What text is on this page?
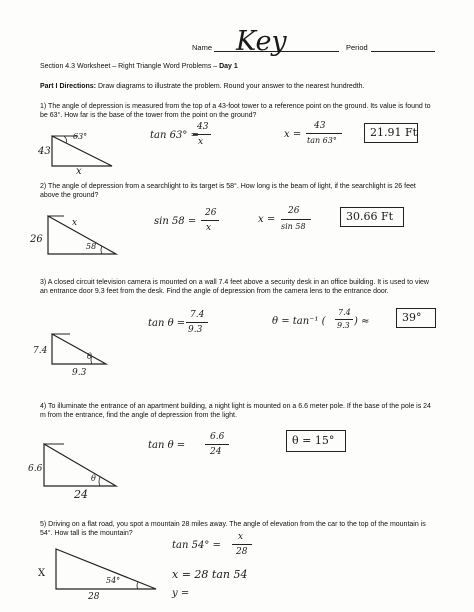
Name Key	Period
Section 4.3 Worksheet – Right Triangle Word Problems – Day 1
Part I Directions: Draw diagrams to illustrate the problem. Round your answer to the nearest hundredth.
1) The angle of depression is measured from the top of a 43-foot tower to a reference point on the ground. Its value is found to be 63°. How far is the base of the tower from the point on the ground?
43
63°
x
tan 63° =
43
x
x =
43
tan 63°
21.91 Ft
2) The angle of depression from a searchlight to its target is 58°. How long is the beam of light, if the searchlight is 26 feet above the ground?
26
x
58
sin 58 =
26
x
x =
26
sin 58
30.66 Ft
3) A closed circuit television camera is mounted on a wall 7.4 feet above a security desk in an office building. It is used to view an entrance door 9.3 feet from the desk. Find the angle of depression from the camera lens to the entrance door.
7.4
θ
9.3
tan θ =
7.4
9.3
θ = tan⁻¹ (
7.4
9.3 ) ≈	39°
4) To illuminate the entrance of an apartment building, a night light is mounted on a 6.6 meter pole. If the base of the pole is 24 m from the entrance, find the angle of depression from the light.
6.6
θ
24
tan θ =
6.6
24
θ = 15°
5) Driving on a flat road, you spot a mountain 28 miles away. The angle of elevation from the car to the top of the mountain is 54°. How tall is the mountain?
X
54°
28
tan 54° =
x
28
x = 28 tan 54
y =
